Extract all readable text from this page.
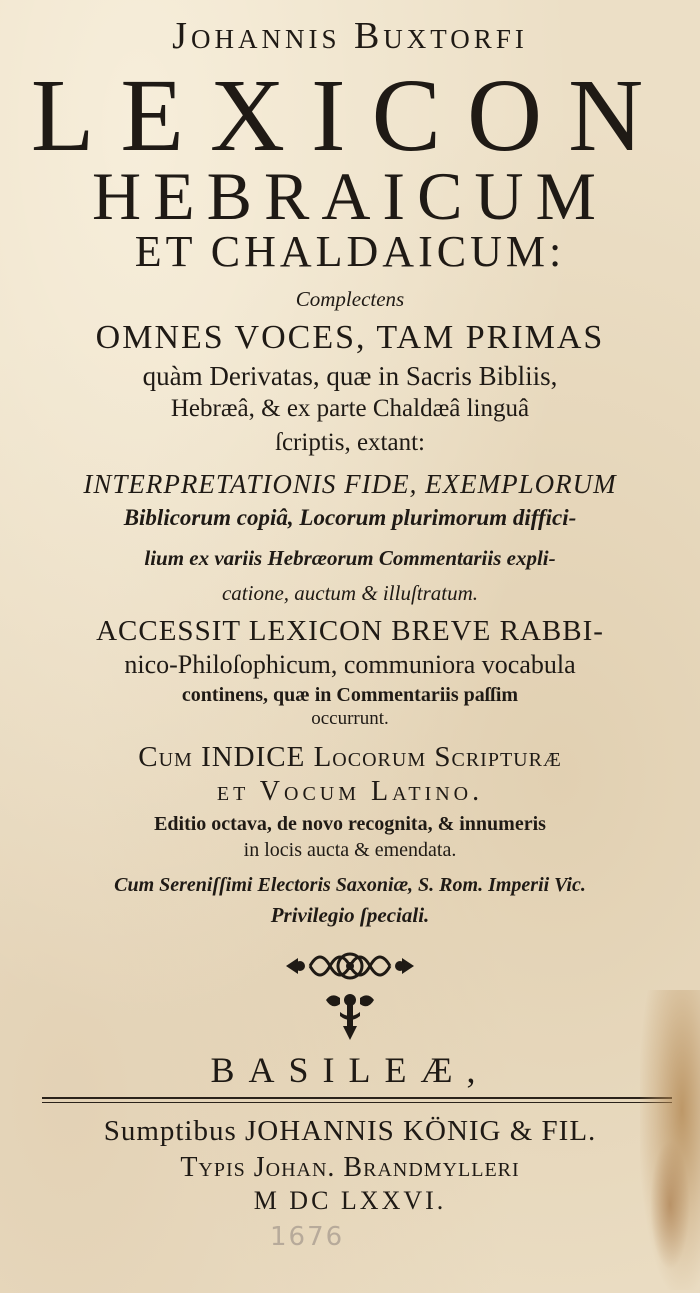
Johannis Buxtorfi
LEXICON
HEBRAICUM
ET CHALDAICUM:
Complectens
OMNES VOCES, TAM PRIMAS
quàm Derivatas, quæ in Sacris Bibliis,
Hebræâ, & ex parte Chaldæâ linguâ
ſcriptis, extant:
INTERPRETATIONIS FIDE, EXEMPLORUM
Biblicorum copiâ, Locorum plurimorum diffici-
lium ex variis Hebræorum Commentariis expli-
catione, auctum & illuſtratum.
ACCESSIT LEXICON BREVE RABBI-
nico-Philoſophicum, communiora vocabula
continens, quæ in Commentariis paſſim
occurrunt.
Cum INDICE Locorum Scripturæ
et Vocum Latino.
Editio octava, de novo recognita, & innumeris
in locis aucta & emendata.
Cum Sereniſſimi Electoris Saxoniæ, S. Rom. Imperii Vic.
Privilegio ſpeciali.
BASILEÆ,
Sumptibus JOHANNIS KÖNIG & FIL.
Typis Johan. Brandmylleri
M DC LXXVI.
1676
